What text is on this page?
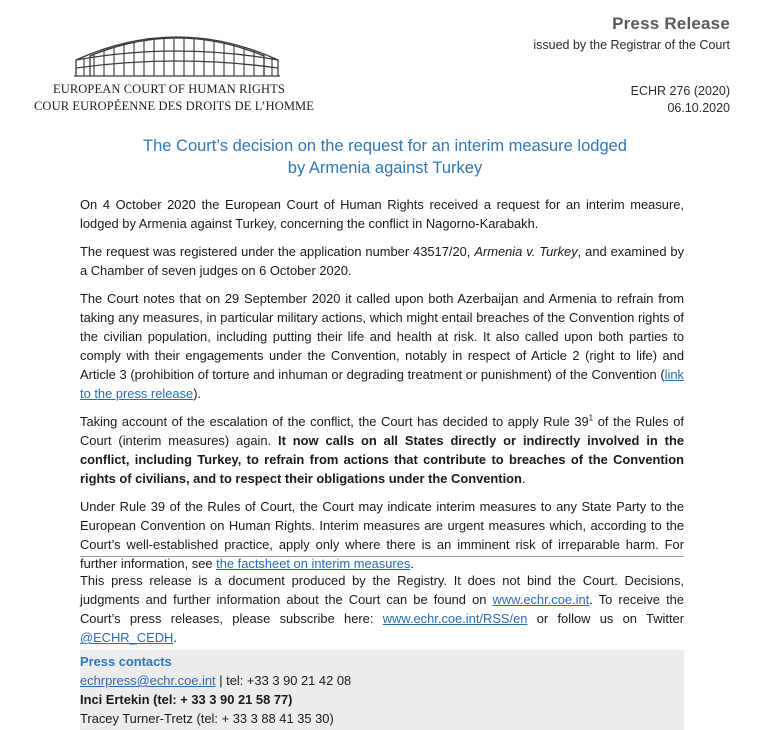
EUROPEAN COURT OF HUMAN RIGHTS
COUR EUROPÉENNE DES DROITS DE L’HOMME
Press Release
issued by the Registrar of the Court
ECHR 276 (2020)
06.10.2020
The Court’s decision on the request for an interim measure lodged
by Armenia against Turkey

On 4 October 2020 the European Court of Human Rights received a request for an interim measure, lodged by Armenia against Turkey, concerning the conflict in Nagorno-Karabakh.

The request was registered under the application number 43517/20, Armenia v. Turkey, and examined by a Chamber of seven judges on 6 October 2020.

The Court notes that on 29 September 2020 it called upon both Azerbaijan and Armenia to refrain from taking any measures, in particular military actions, which might entail breaches of the Convention rights of the civilian population, including putting their life and health at risk. It also called upon both parties to comply with their engagements under the Convention, notably in respect of Article 2 (right to life) and Article 3 (prohibition of torture and inhuman or degrading treatment or punishment) of the Convention (link to the press release).

Taking account of the escalation of the conflict, the Court has decided to apply Rule $39^1$ of the Rules of Court (interim measures) again. It now calls on all States directly or indirectly involved in the conflict, including Turkey, to refrain from actions that contribute to breaches of the Convention rights of civilians, and to respect their obligations under the Convention.

Under Rule 39 of the Rules of Court, the Court may indicate interim measures to any State Party to the European Convention on Human Rights. Interim measures are urgent measures which, according to the Court’s well-established practice, apply only where there is an imminent risk of irreparable harm. For further information, see the factsheet on interim measures.

This press release is a document produced by the Registry. It does not bind the Court. Decisions, judgments and further information about the Court can be found on www.echr.coe.int. To receive the Court’s press releases, please subscribe here: www.echr.coe.int/RSS/en or follow us on Twitter @ECHR_CEDH.
Press contacts
echrpress@echr.coe.int | tel: +33 3 90 21 42 08
Inci Ertekin (tel: + 33 3 90 21 58 77)
Tracey Turner-Tretz (tel: + 33 3 88 41 35 30)
